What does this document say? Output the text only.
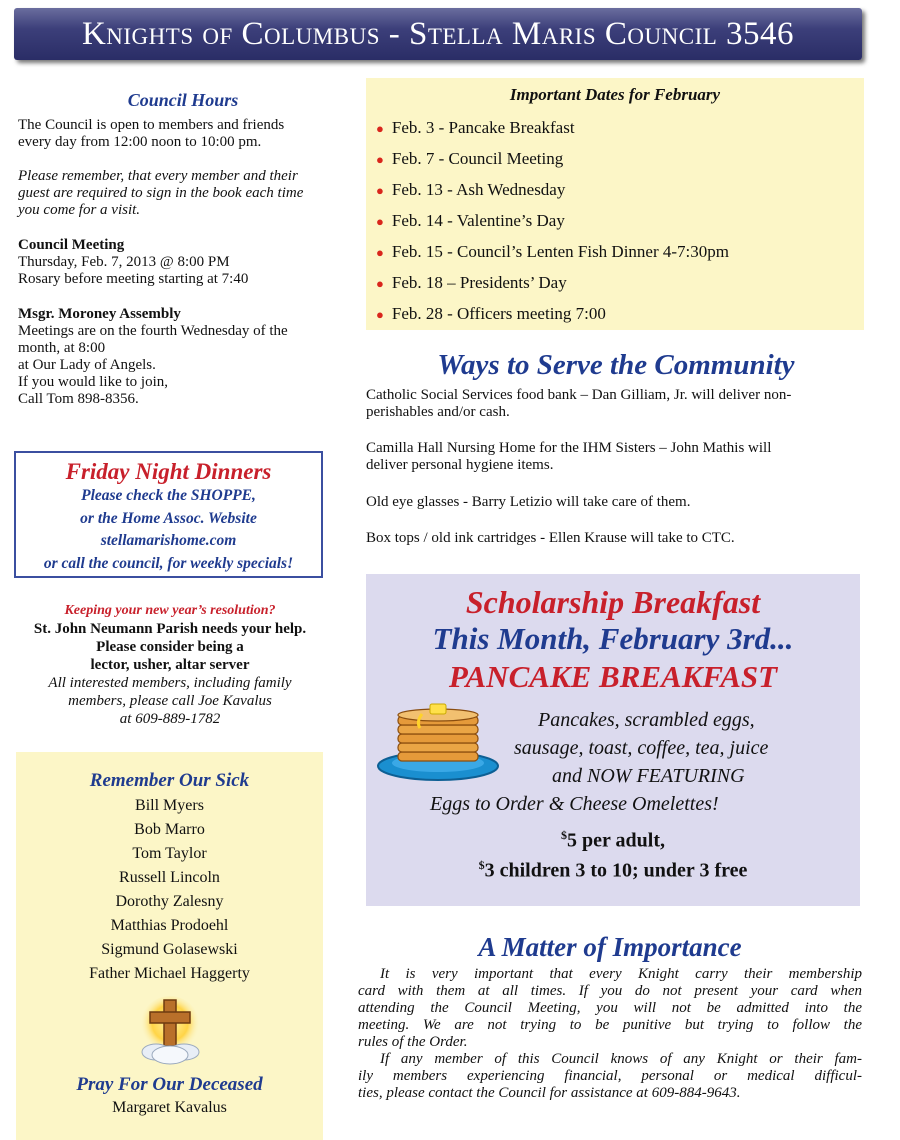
Knights of Columbus - Stella Maris Council 3546
Council Hours
The Council is open to members and friends
every day from 12:00 noon to 10:00 pm.
Please remember, that every member and their
guest are required to sign in the book each time
you come for a visit.
Council Meeting
Thursday, Feb. 7, 2013 @ 8:00 PM
Rosary before meeting starting at 7:40
Msgr. Moroney Assembly
Meetings are on the fourth Wednesday of the
month, at 8:00
at Our Lady of Angels.
If you would like to join,
Call Tom 898-8356.
Friday Night Dinners
Please check the SHOPPE,
or the Home Assoc. Website
stellamarishome.com
or call the council, for weekly specials!
Keeping your new year’s resolution?
St. John Neumann Parish needs your help.
Please consider being a
lector, usher, altar server
All interested members, including family
members, please call Joe Kavalus
at 609-889-1782
Remember Our Sick
Bill Myers
Bob Marro
Tom Taylor
Russell Lincoln
Dorothy Zalesny
Matthias Prodoehl
Sigmund Golasewski
Father Michael Haggerty
Pray For Our Deceased
Margaret Kavalus
Important Dates for February
● Feb. 3 - Pancake Breakfast
● Feb. 7 - Council Meeting
● Feb. 13 - Ash Wednesday
● Feb. 14 - Valentine’s Day
● Feb. 15 - Council’s Lenten Fish Dinner 4-7:30pm
● Feb. 18 – Presidents’ Day
● Feb. 28 - Officers meeting 7:00
Ways to Serve the Community
Catholic Social Services food bank – Dan Gilliam, Jr. will deliver non-
perishables and/or cash.
Camilla Hall Nursing Home for the IHM Sisters – John Mathis will
deliver personal hygiene items.
Old eye glasses - Barry Letizio will take care of them.
Box tops / old ink cartridges - Ellen Krause will take to CTC.
Scholarship Breakfast
This Month, February 3rd...
PANCAKE BREAKFAST
Pancakes, scrambled eggs,
sausage, toast, coffee, tea, juice
and NOW FEATURING
Eggs to Order & Cheese Omelettes!
$5 per adult,
$3 children 3 to 10; under 3 free
A Matter of Importance
It is very important that every Knight carry their membership
card with them at all times. If you do not present your card when
attending the Council Meeting, you will not be admitted into the
meeting. We are not trying to be punitive but trying to follow the
rules of the Order.
If any member of this Council knows of any Knight or their fam-
ily members experiencing financial, personal or medical difficul-
ties, please contact the Council for assistance at 609-884-9643.
